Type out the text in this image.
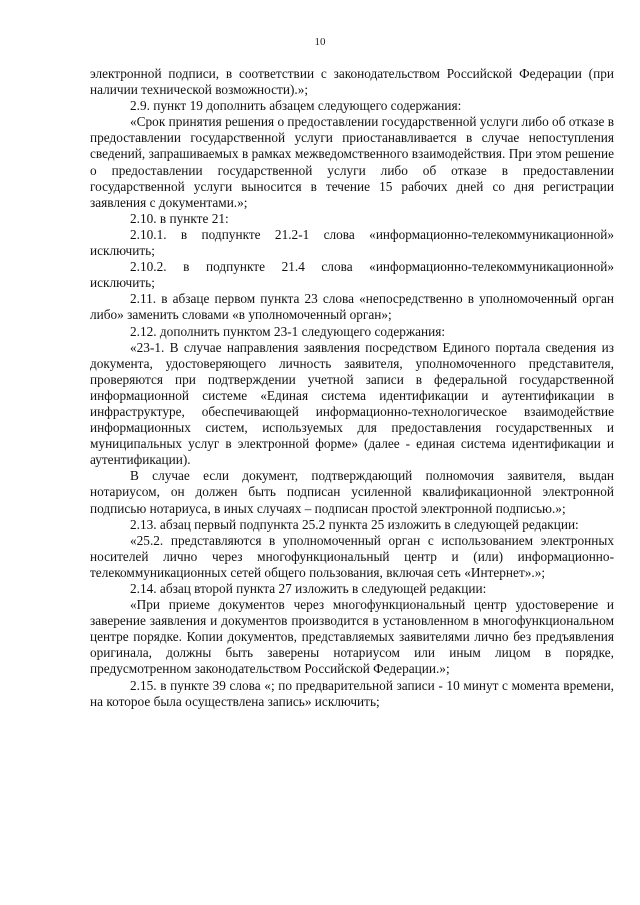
10

электронной подписи, в соответствии с законодательством Российской Федерации (при наличии технической возможности).»;

2.9. пункт 19 дополнить абзацем следующего содержания:

«Срок принятия решения о предоставлении государственной услуги либо об отказе в предоставлении государственной услуги приостанавливается в случае непоступления сведений, запрашиваемых в рамках межведомственного взаимодействия. При этом решение о предоставлении государственной услуги либо об отказе в предоставлении государственной услуги выносится в течение 15 рабочих дней со дня регистрации заявления с документами.»;

2.10. в пункте 21:

2.10.1. в подпункте 21.2-1 слова «информационно-телекоммуникационной» исключить;

2.10.2. в подпункте 21.4 слова «информационно-телекоммуникационной» исключить;

2.11. в абзаце первом пункта 23 слова «непосредственно в уполномоченный орган либо» заменить словами «в уполномоченный орган»;

2.12. дополнить пунктом 23-1 следующего содержания:

«23-1. В случае направления заявления посредством Единого портала сведения из документа, удостоверяющего личность заявителя, уполномоченного представителя, проверяются при подтверждении учетной записи в федеральной государственной информационной системе «Единая система идентификации и аутентификации в инфраструктуре, обеспечивающей информационно-технологическое взаимодействие информационных систем, используемых для предоставления государственных и муниципальных услуг в электронной форме» (далее - единая система идентификации и аутентификации).

В случае если документ, подтверждающий полномочия заявителя, выдан нотариусом, он должен быть подписан усиленной квалификационной электронной подписью нотариуса, в иных случаях – подписан простой электронной подписью.»;

2.13. абзац первый подпункта 25.2 пункта 25 изложить в следующей редакции:

«25.2. представляются в уполномоченный орган с использованием электронных носителей лично через многофункциональный центр и (или) информационно-телекоммуникационных сетей общего пользования, включая сеть «Интернет».»;

2.14. абзац второй пункта 27 изложить в следующей редакции:

«При приеме документов через многофункциональный центр удостоверение и заверение заявления и документов производится в установленном в многофункциональном центре порядке. Копии документов, представляемых заявителями лично без предъявления оригинала, должны быть заверены нотариусом или иным лицом в порядке, предусмотренном законодательством Российской Федерации.»;

2.15. в пункте 39 слова «; по предварительной записи - 10 минут с момента времени, на которое была осуществлена запись» исключить;
